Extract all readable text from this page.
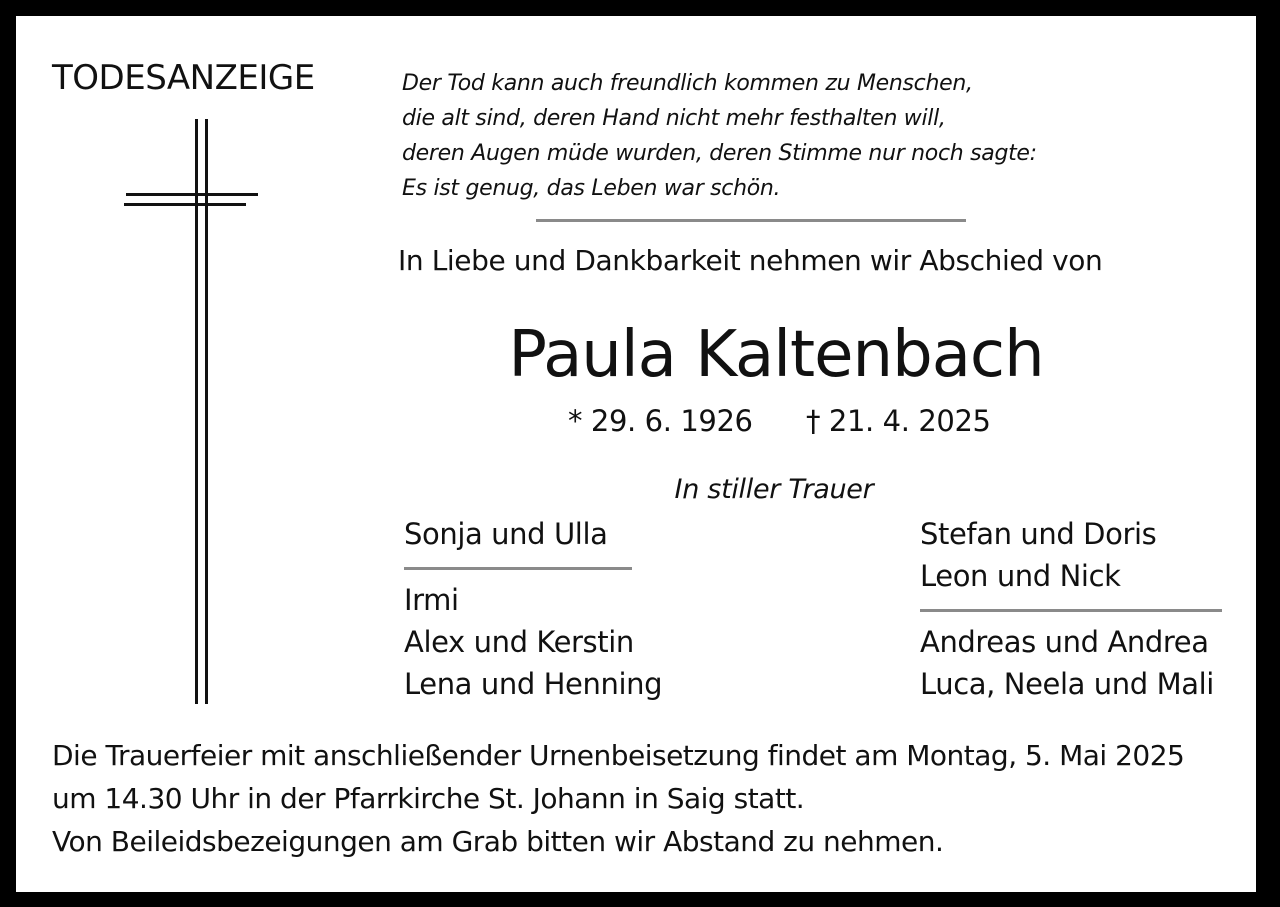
TODESANZEIGE	Der Tod kann auch freundlich kommen zu Menschen,
die alt sind, deren Hand nicht mehr festhalten will,
deren Augen müde wurden, deren Stimme nur noch sagte:
Es ist genug, das Leben war schön.
In Liebe und Dankbarkeit nehmen wir Abschied von
Paula Kaltenbach
* 29. 6. 1926 † 21. 4. 2025
In stiller Trauer
Sonja und Ulla
Irmi
Alex und Kerstin
Lena und Henning
Stefan und Doris
Leon und Nick
Andreas und Andrea
Luca, Neela und Mali
Die Trauerfeier mit anschließender Urnenbeisetzung findet am Montag, 5. Mai 2025
um 14.30 Uhr in der Pfarrkirche St. Johann in Saig statt.
Von Beileidsbezeigungen am Grab bitten wir Abstand zu nehmen.
